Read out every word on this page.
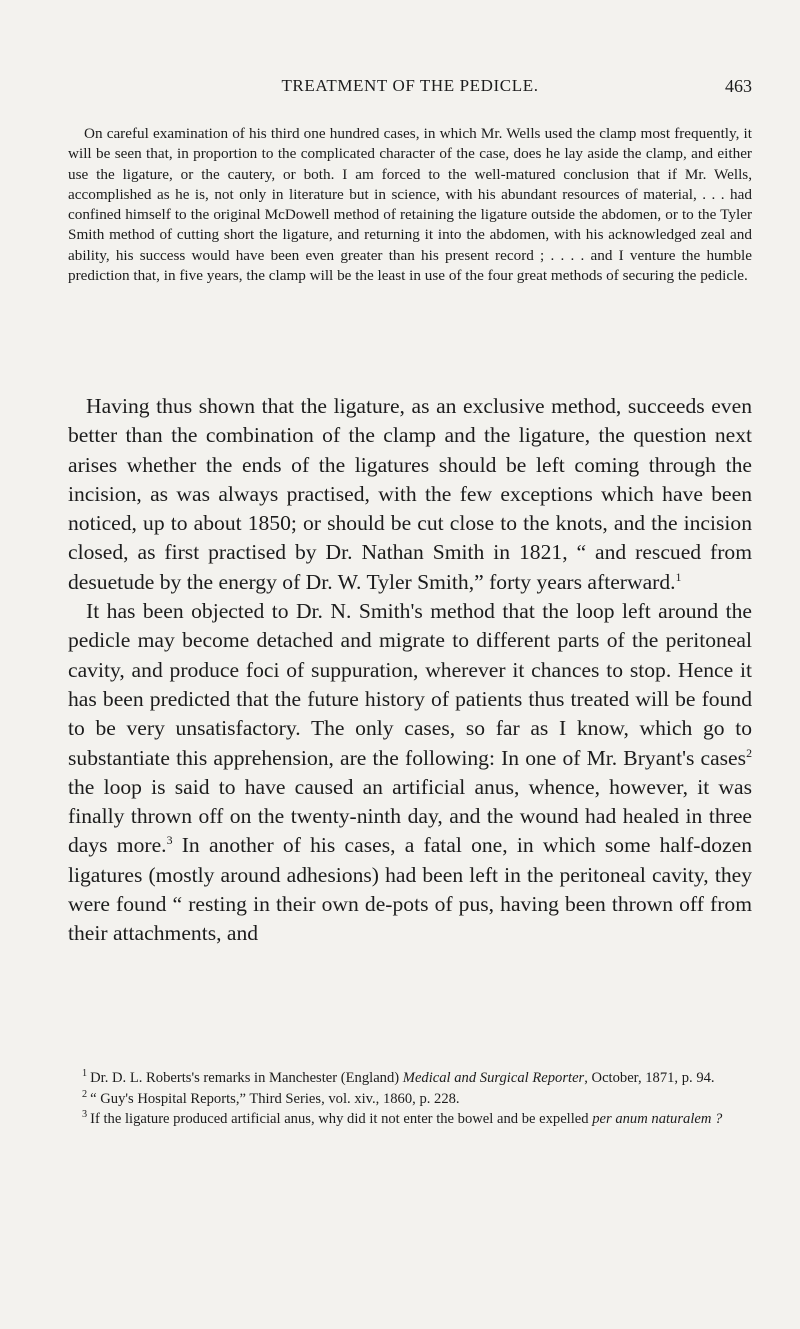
TREATMENT OF THE PEDICLE.	463
On careful examination of his third one hundred cases, in which Mr. Wells used the clamp most frequently, it will be seen that, in proportion to the complicated character of the case, does he lay aside the clamp, and either use the ligature, or the cautery, or both. I am forced to the well-matured conclusion that if Mr. Wells, accomplished as he is, not only in literature but in science, with his abundant resources of material, . . . had confined himself to the original McDowell method of retaining the ligature outside the abdomen, or to the Tyler Smith method of cutting short the ligature, and returning it into the abdomen, with his acknowledged zeal and ability, his success would have been even greater than his present record ; . . . . and I venture the humble prediction that, in five years, the clamp will be the least in use of the four great methods of securing the pedicle.

Having thus shown that the ligature, as an exclusive method, succeeds even better than the combination of the clamp and the ligature, the question next arises whether the ends of the ligatures should be left coming through the incision, as was always practised, with the few exceptions which have been noticed, up to about 1850; or should be cut close to the knots, and the incision closed, as first practised by Dr. Nathan Smith in 1821, “ and rescued from desuetude by the energy of Dr. W. Tyler Smith,” forty years afterward.$^1$

It has been objected to Dr. N. Smith's method that the loop left around the pedicle may become detached and migrate to different parts of the peritoneal cavity, and produce foci of suppuration, wherever it chances to stop. Hence it has been predicted that the future history of patients thus treated will be found to be very unsatisfactory. The only cases, so far as I know, which go to substantiate this apprehension, are the following: In one of Mr. Bryant's cases$^2$ the loop is said to have caused an artificial anus, whence, however, it was finally thrown off on the twenty-ninth day, and the wound had healed in three days more.$^3$ In another of his cases, a fatal one, in which some half-dozen ligatures (mostly around adhesions) had been left in the peritoneal cavity, they were found “ resting in their own de-pots of pus, having been thrown off from their attachments, and

$^1$ Dr. D. L. Roberts's remarks in Manchester (England) Medical and Surgical Reporter, October, 1871, p. 94.

$^2$ “ Guy's Hospital Reports,” Third Series, vol. xiv., 1860, p. 228.

$^3$ If the ligature produced artificial anus, why did it not enter the bowel and be expelled per anum naturalem ?
